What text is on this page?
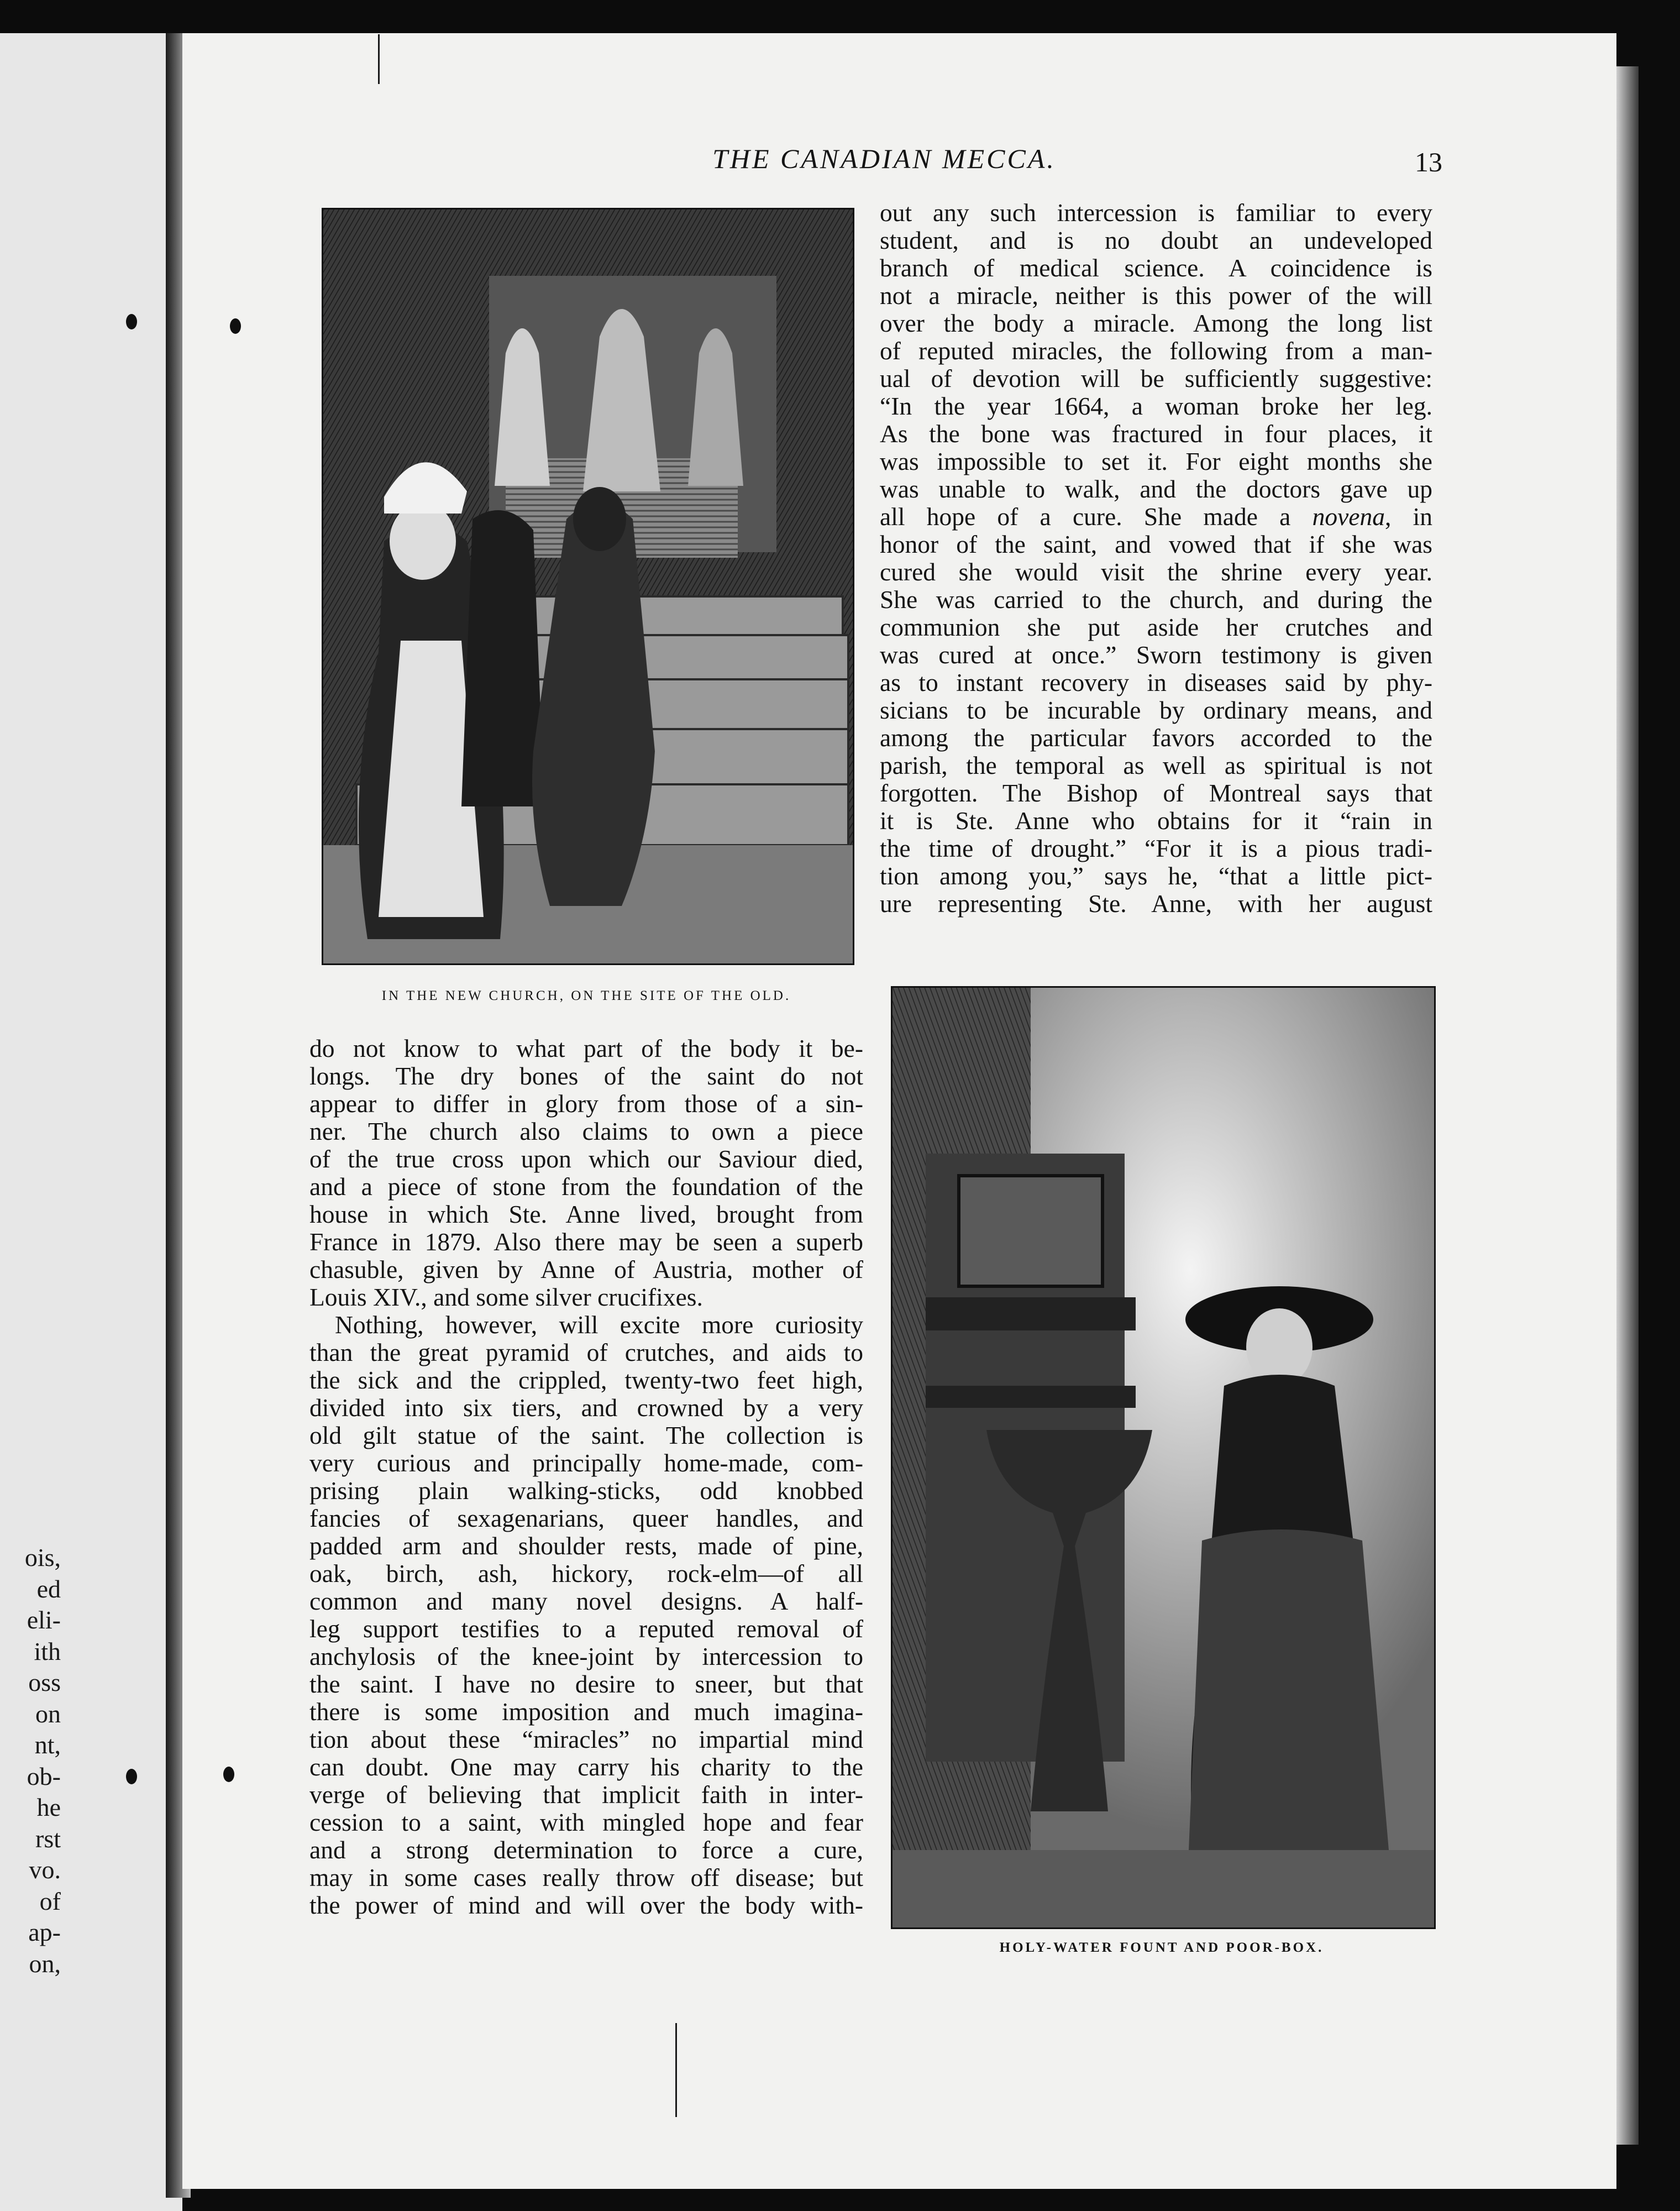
ois,
ed
eli-
ith
oss
on
nt,
ob-
he
rst
vo.
of
ap-
on,
THE CANADIAN MECCA.	13
IN THE NEW CHURCH, ON THE SITE OF THE OLD.
out any such intercession is familiar to every
student, and is no doubt an undeveloped
branch of medical science. A coincidence is
not a miracle, neither is this power of the will
over the body a miracle. Among the long list
of reputed miracles, the following from a man-
ual of devotion will be sufficiently suggestive:
“In the year 1664, a woman broke her leg.
As the bone was fractured in four places, it
was impossible to set it. For eight months she
was unable to walk, and the doctors gave up
all hope of a cure. She made a novena, in
honor of the saint, and vowed that if she was
cured she would visit the shrine every year.
She was carried to the church, and during the
communion she put aside her crutches and
was cured at once.” Sworn testimony is given
as to instant recovery in diseases said by phy-
sicians to be incurable by ordinary means, and
among the particular favors accorded to the
parish, the temporal as well as spiritual is not
forgotten. The Bishop of Montreal says that
it is Ste. Anne who obtains for it “rain in
the time of drought.” “For it is a pious tradi-
tion among you,” says he, “that a little pict-
ure representing Ste. Anne, with her august
HOLY-WATER FOUNT AND POOR-BOX.

do not know to what part of the body it be-
longs. The dry bones of the saint do not
appear to differ in glory from those of a sin-
ner. The church also claims to own a piece
of the true cross upon which our Saviour died,
and a piece of stone from the foundation of the
house in which Ste. Anne lived, brought from
France in 1879. Also there may be seen a superb
chasuble, given by Anne of Austria, mother of
Louis XIV., and some silver crucifixes.

Nothing, however, will excite more curiosity
than the great pyramid of crutches, and aids to
the sick and the crippled, twenty-two feet high,
divided into six tiers, and crowned by a very
old gilt statue of the saint. The collection is
very curious and principally home-made, com-
prising plain walking-sticks, odd knobbed
fancies of sexagenarians, queer handles, and
padded arm and shoulder rests, made of pine,
oak, birch, ash, hickory, rock-elm—of all
common and many novel designs. A half-
leg support testifies to a reputed removal of
anchylosis of the knee-joint by intercession to
the saint. I have no desire to sneer, but that
there is some imposition and much imagina-
tion about these “miracles” no impartial mind
can doubt. One may carry his charity to the
verge of believing that implicit faith in inter-
cession to a saint, with mingled hope and fear
and a strong determination to force a cure,
may in some cases really throw off disease; but
the power of mind and will over the body with-
